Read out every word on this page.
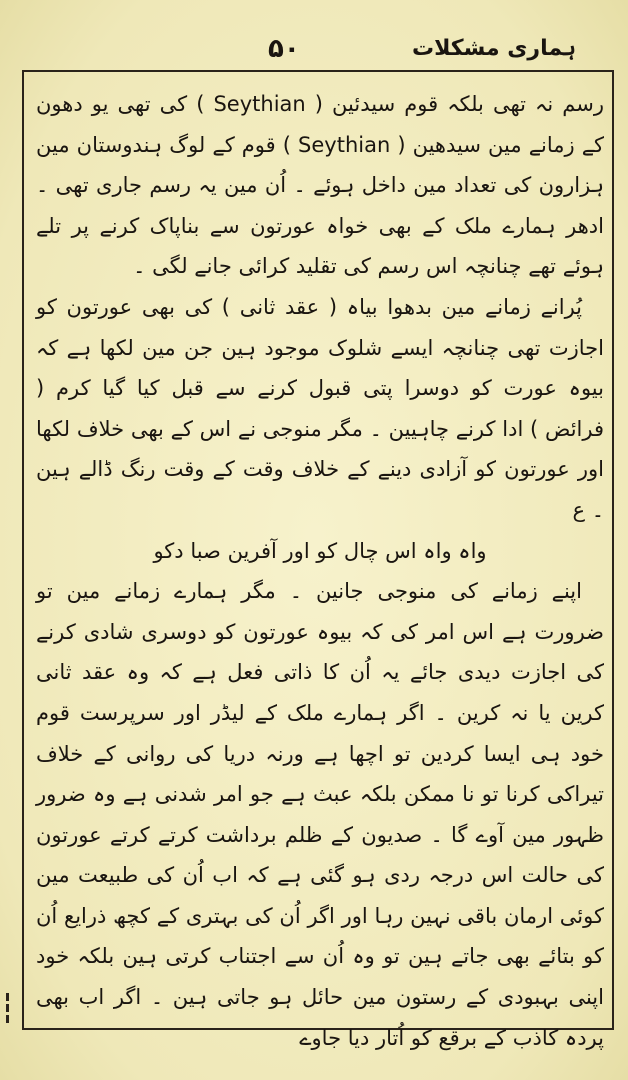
۵۰	ہماری مشکلات

رسم نہ تھی بلکہ قوم سیدئین ( Seythian ) کی تھی یو دھون کے زمانے مین سیدھین ( Seythian ) قوم کے لوگ ہندوستان مین ہزارون کی تعداد مین داخل ہوئے ۔ اُن مین یہ رسم جاری تھی ۔ ادھر ہمارے ملک کے بھی خواہ عورتون سے بناپاک کرنے پر تلے ہوئے تھے چنانچہ اس رسم کی تقلید کرائی جانے لگی ۔

پُرانے زمانے مین بدھوا بیاہ ( عقد ثانی ) کی بھی عورتون کو اجازت تھی چنانچہ ایسے شلوک موجود ہین جن مین لکھا ہے کہ بیوہ عورت کو دوسرا پتی قبول کرنے سے قبل کیا گیا کرم ( فرائض ) ادا کرنے چاہیین ۔ مگر منوجی نے اس کے بھی خلاف لکھا اور عورتون کو آزادی دینے کے خلاف وقت کے وقت رنگ ڈالے ہین ۔ ع

واہ واہ اس چال کو اور آفرین صبا دکو

اپنے زمانے کی منوجی جانین ۔ مگر ہمارے زمانے مین تو ضرورت ہے اس امر کی کہ بیوہ عورتون کو دوسری شادی کرنے کی اجازت دیدی جائے یہ اُن کا ذاتی فعل ہے کہ وہ عقد ثانی کرین یا نہ کرین ۔ اگر ہمارے ملک کے لیڈر اور سرپرست قوم خود ہی ایسا کردین تو اچھا ہے ورنہ دریا کی روانی کے خلاف تیراکی کرنا تو نا ممکن بلکہ عبث ہے جو امر شدنی ہے وہ ضرور ظہور مین آوے گا ۔ صدیون کے ظلم برداشت کرتے کرتے عورتون کی حالت اس درجہ ردی ہو گئی ہے کہ اب اُن کی طبیعت مین کوئی ارمان باقی نہین رہا اور اگر اُن کی بہتری کے کچھ ذرایع اُن کو بتائے بھی جاتے ہین تو وہ اُن سے اجتناب کرتی ہین بلکہ خود اپنی بہبودی کے رستون مین حائل ہو جاتی ہین ۔ اگر اب بھی پردہ کاذب کے برقع کو اُتار دیا جاوے
